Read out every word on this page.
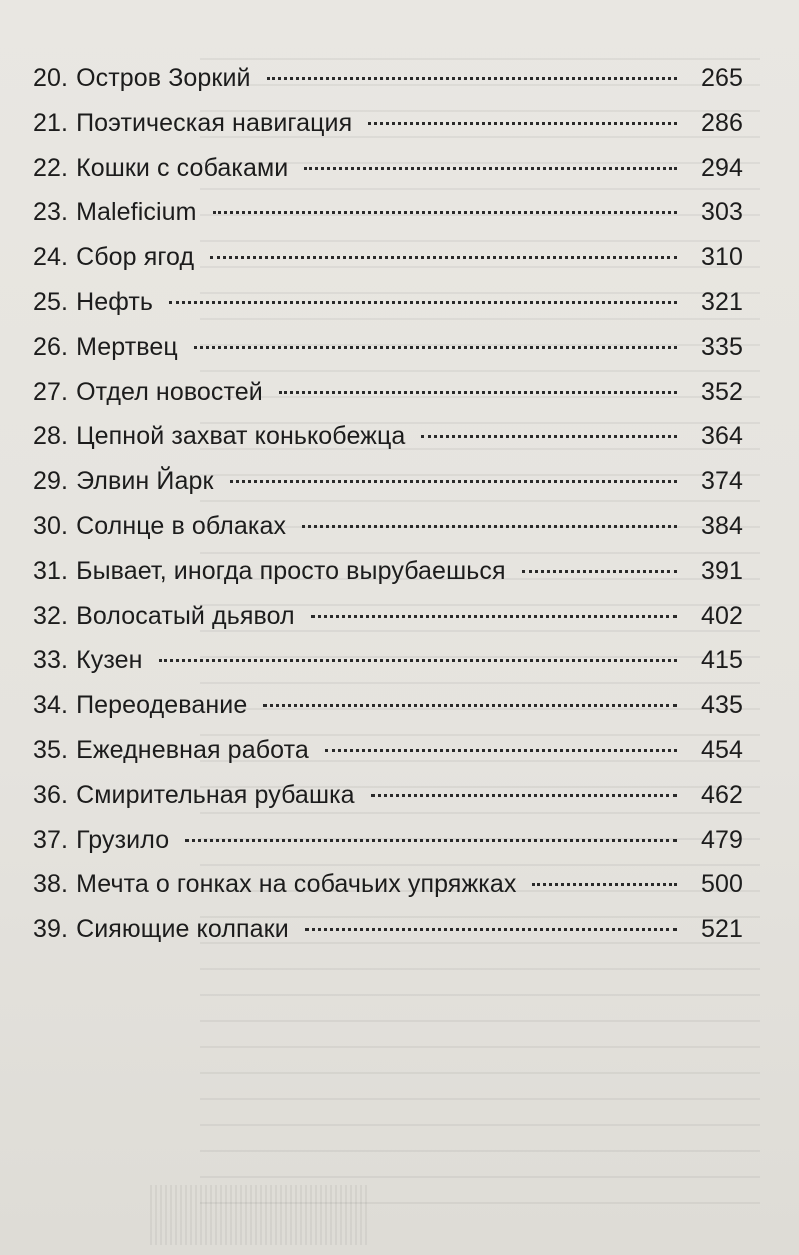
20. Остров Зоркий	265
21. Поэтическая навигация	286
22. Кошки с собаками	294
23. Maleficium	303
24. Сбор ягод	310
25. Нефть	321
26. Мертвец	335
27. Отдел новостей	352
28. Цепной захват конькобежца	364
29. Элвин Йарк	374
30. Солнце в облаках	384
31. Бывает, иногда просто вырубаешься	391
32. Волосатый дьявол	402
33. Кузен	415
34. Переодевание	435
35. Ежедневная работа	454
36. Смирительная рубашка	462
37. Грузило	479
38. Мечта о гонках на собачьих упряжках	500
39. Сияющие колпаки	521
